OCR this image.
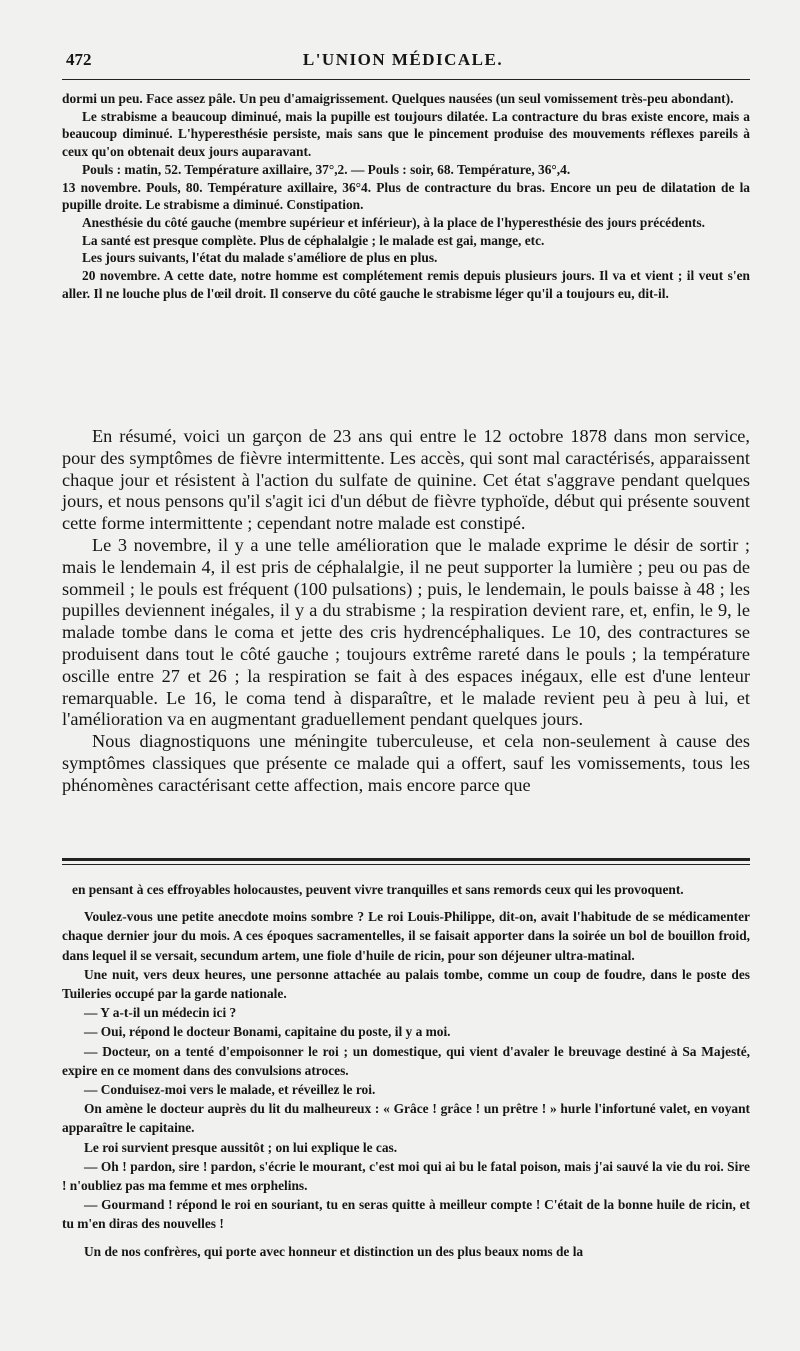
472	L'UNION MÉDICALE.

dormi un peu. Face assez pâle. Un peu d'amaigrissement. Quelques nausées (un seul vomissement très-peu abondant).

Le strabisme a beaucoup diminué, mais la pupille est toujours dilatée. La contracture du bras existe encore, mais a beaucoup diminué. L'hyperesthésie persiste, mais sans que le pincement produise des mouvements réflexes pareils à ceux qu'on obtenait deux jours auparavant.

Pouls : matin, 52. Température axillaire, 37°,2. — Pouls : soir, 68. Température, 36°,4.

13 novembre. Pouls, 80. Température axillaire, 36°4. Plus de contracture du bras. Encore un peu de dilatation de la pupille droite. Le strabisme a diminué. Constipation.

Anesthésie du côté gauche (membre supérieur et inférieur), à la place de l'hyperesthésie des jours précédents.

La santé est presque complète. Plus de céphalalgie ; le malade est gai, mange, etc.

Les jours suivants, l'état du malade s'améliore de plus en plus.

20 novembre. A cette date, notre homme est complétement remis depuis plusieurs jours. Il va et vient ; il veut s'en aller. Il ne louche plus de l'œil droit. Il conserve du côté gauche le strabisme léger qu'il a toujours eu, dit-il.

En résumé, voici un garçon de 23 ans qui entre le 12 octobre 1878 dans mon service, pour des symptômes de fièvre intermittente. Les accès, qui sont mal caractérisés, apparaissent chaque jour et résistent à l'action du sulfate de quinine. Cet état s'aggrave pendant quelques jours, et nous pensons qu'il s'agit ici d'un début de fièvre typhoïde, début qui présente souvent cette forme intermittente ; cependant notre malade est constipé.

Le 3 novembre, il y a une telle amélioration que le malade exprime le désir de sortir ; mais le lendemain 4, il est pris de céphalalgie, il ne peut supporter la lumière ; peu ou pas de sommeil ; le pouls est fréquent (100 pulsations) ; puis, le lendemain, le pouls baisse à 48 ; les pupilles deviennent inégales, il y a du strabisme ; la respiration devient rare, et, enfin, le 9, le malade tombe dans le coma et jette des cris hydrencéphaliques. Le 10, des contractures se produisent dans tout le côté gauche ; toujours extrême rareté dans le pouls ; la température oscille entre 27 et 26 ; la respiration se fait à des espaces inégaux, elle est d'une lenteur remarquable. Le 16, le coma tend à disparaître, et le malade revient peu à peu à lui, et l'amélioration va en augmentant graduellement pendant quelques jours.

Nous diagnostiquons une méningite tuberculeuse, et cela non-seulement à cause des symptômes classiques que présente ce malade qui a offert, sauf les vomissements, tous les phénomènes caractérisant cette affection, mais encore parce que

en pensant à ces effroyables holocaustes, peuvent vivre tranquilles et sans remords ceux qui les provoquent.

Voulez-vous une petite anecdote moins sombre ? Le roi Louis-Philippe, dit-on, avait l'habitude de se médicamenter chaque dernier jour du mois. A ces époques sacramentelles, il se faisait apporter dans la soirée un bol de bouillon froid, dans lequel il se versait, secundum artem, une fiole d'huile de ricin, pour son déjeuner ultra-matinal.

Une nuit, vers deux heures, une personne attachée au palais tombe, comme un coup de foudre, dans le poste des Tuileries occupé par la garde nationale.

— Y a-t-il un médecin ici ?

— Oui, répond le docteur Bonami, capitaine du poste, il y a moi.

— Docteur, on a tenté d'empoisonner le roi ; un domestique, qui vient d'avaler le breuvage destiné à Sa Majesté, expire en ce moment dans des convulsions atroces.

— Conduisez-moi vers le malade, et réveillez le roi.

On amène le docteur auprès du lit du malheureux : « Grâce ! grâce ! un prêtre ! » hurle l'infortuné valet, en voyant apparaître le capitaine.

Le roi survient presque aussitôt ; on lui explique le cas.

— Oh ! pardon, sire ! pardon, s'écrie le mourant, c'est moi qui ai bu le fatal poison, mais j'ai sauvé la vie du roi. Sire ! n'oubliez pas ma femme et mes orphelins.

— Gourmand ! répond le roi en souriant, tu en seras quitte à meilleur compte ! C'était de la bonne huile de ricin, et tu m'en diras des nouvelles !

Un de nos confrères, qui porte avec honneur et distinction un des plus beaux noms de la
